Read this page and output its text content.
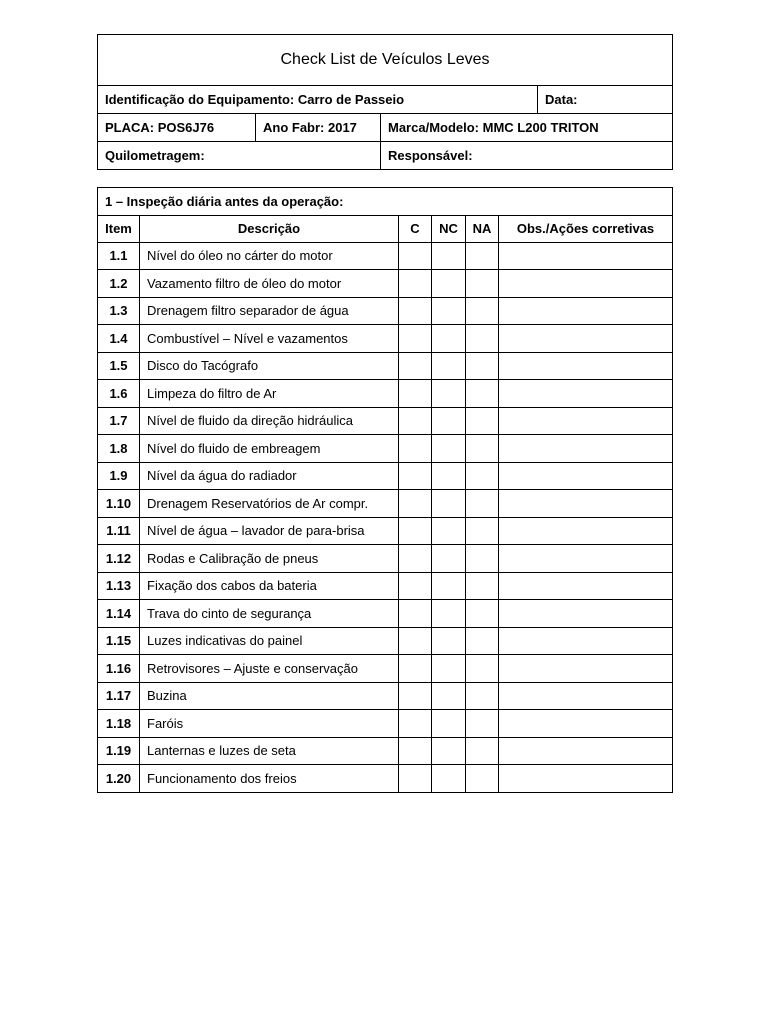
Check List de Veículos Leves			
Identificação do Equipamento: Carro de Passeio			Data:
PLACA: POS6J76	Ano Fabr: 2017	Marca/Modelo: MMC L200 TRITON	
Quilometragem:		Responsável:	
1 – Inspeção diária antes da operação:					
Item	Descrição	C	NC	NA	Obs./Ações corretivas
1.1	Nível do óleo no cárter do motor				
1.2	Vazamento filtro de óleo do motor				
1.3	Drenagem filtro separador de água				
1.4	Combustível – Nível e vazamentos				
1.5	Disco do Tacógrafo				
1.6	Limpeza do filtro de Ar				
1.7	Nível de fluido da direção hidráulica				
1.8	Nível do fluido de embreagem				
1.9	Nível da água do radiador				
1.10	Drenagem Reservatórios de Ar compr.				
1.11	Nível de água – lavador de para-brisa				
1.12	Rodas e Calibração de pneus				
1.13	Fixação dos cabos da bateria				
1.14	Trava do cinto de segurança				
1.15	Luzes indicativas do painel				
1.16	Retrovisores – Ajuste e conservação				
1.17	Buzina				
1.18	Faróis				
1.19	Lanternas e luzes de seta				
1.20	Funcionamento dos freios				
